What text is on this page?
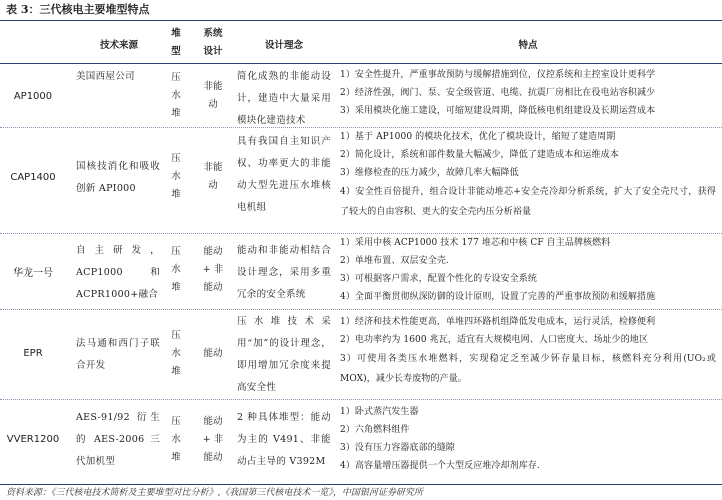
表 3：三代核电主要堆型特点
技术来源
堆
型
系统
设计
设计理念	特点
AP1000
美国西屋公司	压
水
堆
非能
动
简化成熟的非能动设计，建造中大量采用模块化建造技术
1）安全性提升，严重事故预防与缓解措施到位，仪控系统和主控室设计更科学
2）经济性强，阀门、泵、安全级管道、电缆、抗震厂房相比在役电站容积减少
3）采用模块化施工建设，可缩短建设周期，降低核电机组建设及长期运营成本
CAP1400
国核技消化和吸收创新 API000
压
水
堆
非能
动
具有我国自主知识产权、功率更大的非能动大型先进压水堆核电机组
1）基于 AP1000 的模块化技术，优化了模块设计，缩短了建造周期
2）简化设计，系统和部件数量大幅减少，降低了建造成本和运维成本
3）维修检查的压力减少，故障几率大幅降低
4）安全性百倍提升，组合设计非能动堆芯+安全壳冷却分析系统，扩大了安全壳尺寸，获得了较大的自由容积、更大的安全壳内压分析裕量
华龙一号
自主研发，ACP1000 和 ACPR1000+融合
压
水
堆
能动
+ 非
能动
能动和非能动相结合设计理念，采用多重冗余的安全系统
1）采用中核 ACP1000 技术 177 堆芯和中核 CF 自主品牌核燃料
2）单堆布置、双层安全壳.
3）可根据客户需求，配置个性化的专设安全系统
4）全面平衡贯彻纵深防御的设计原则，设置了完善的严重事故预防和缓解措施
EPR
法马通和西门子联合开发
压
水
堆
能动
压水堆技术采用“加”的设计理念，即用增加冗余度来提高安全性
1）经济和技术性能更高，单堆四环路机组降低发电成本，运行灵活，检修便利
2）电功率约为 1600 兆瓦，适宜有大规模电网、人口密度大、场址少的地区
3）可使用各类压水堆燃料，实现稳定乏至减少钚存量目标，核燃料充分利用(UO₂或 MOX)，减少长寿废物的产量。
VVER1200
AES-91/92 衍生的 AES-2006 三代加机型
压
水
堆
能动
+ 非
能动
2 种具体堆型：能动为主的 V491、非能动占主导的 V392M
1）卧式蒸汽发生器
2）六角燃料组件
3）没有压力容器底部的缝隙
4）高容量增压器提供一个大型反应堆冷却剂库存.
资料来源：《三代核电技术简析及主要堆型对比分析》,《我国第三代核电技术一览》，中国银河证券研究所
